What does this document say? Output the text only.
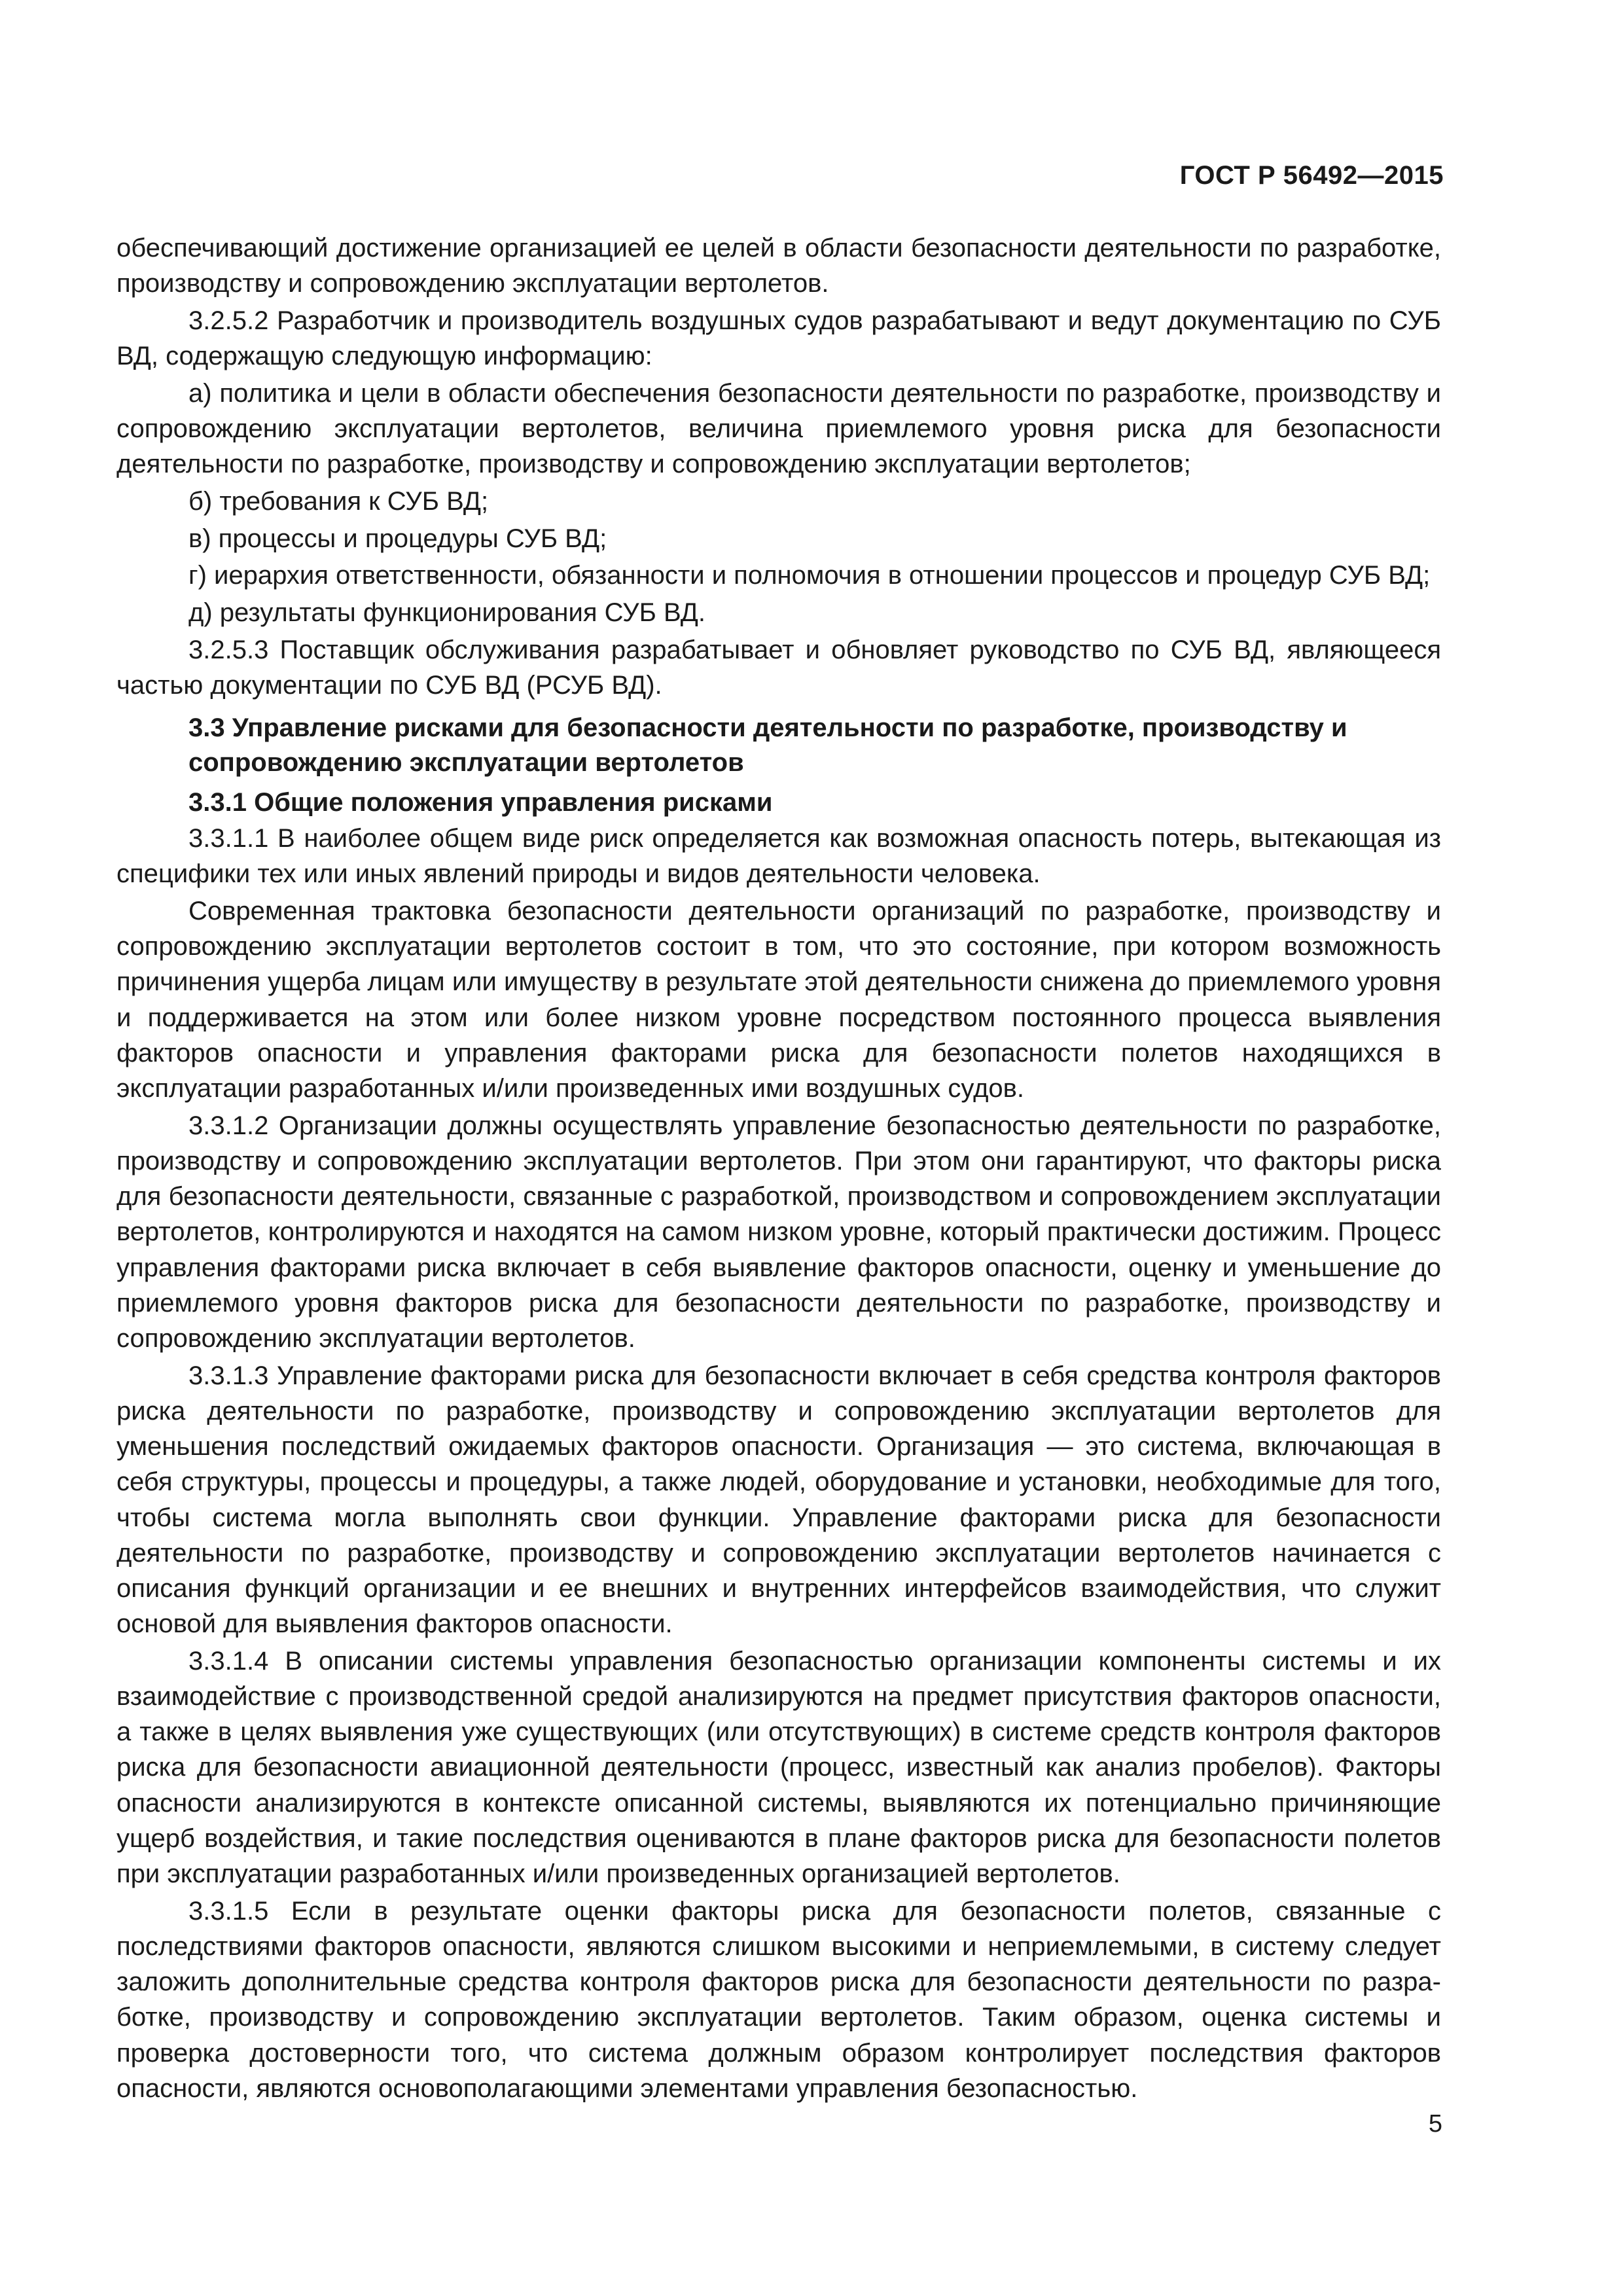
ГОСТ Р 56492—2015

обеспечивающий достижение организацией ее целей в области безопасности деятельности по разработке, производству и сопровождению эксплуатации вертолетов.

3.2.5.2 Разработчик и производитель воздушных судов разрабатывают и ведут документацию по СУБ ВД, содержащую следующую информацию:

а) политика и цели в области обеспечения безопасности деятельности по разработке, производству и сопровождению эксплуатации вертолетов, величина приемлемого уровня риска для безопасности деятельности по разработке, производству и сопровождению эксплуатации вертолетов;

б) требования к СУБ ВД;

в) процессы и процедуры СУБ ВД;

г) иерархия ответственности, обязанности и полномочия в отношении процессов и процедур СУБ ВД;

д) результаты функционирования СУБ ВД.

3.2.5.3 Поставщик обслуживания разрабатывает и обновляет руководство по СУБ ВД, являющееся частью документации по СУБ ВД (РСУБ ВД).

3.3 Управление рисками для безопасности деятельности по разработке, производству и сопровождению эксплуатации вертолетов
3.3.1 Общие положения управления рисками

3.3.1.1 В наиболее общем виде риск определяется как возможная опасность потерь, вытекающая из специфики тех или иных явлений природы и видов деятельности человека.

Современная трактовка безопасности деятельности организаций по разработке, производству и сопровождению эксплуатации вертолетов состоит в том, что это состояние, при котором возможность причинения ущерба лицам или имуществу в результате этой деятельности снижена до приемлемого уровня и поддерживается на этом или более низком уровне посредством постоянного процесса выявления факторов опасности и управления факторами риска для безопасности полетов находящихся в эксплуатации разработанных и/или произведенных ими воздушных судов.

3.3.1.2 Организации должны осуществлять управление безопасностью деятельности по разработке, производству и сопровождению эксплуатации вертолетов. При этом они гарантируют, что факторы риска для безопасности деятельности, связанные с разработкой, производством и сопровождением эксплуатации вертолетов, контролируются и находятся на самом низком уровне, который практически достижим. Процесс управления факторами риска включает в себя выявление факторов опасности, оценку и уменьшение до приемлемого уровня факторов риска для безопасности деятельности по разработке, производству и сопровождению эксплуатации вертолетов.

3.3.1.3 Управление факторами риска для безопасности включает в себя средства контроля факторов риска деятельности по разработке, производству и сопровождению эксплуатации вертолетов для уменьшения последствий ожидаемых факторов опасности. Организация — это система, включающая в себя структуры, процессы и процедуры, а также людей, оборудование и установки, необходимые для того, чтобы система могла выполнять свои функции. Управление факторами риска для безопасности деятельности по разработке, производству и сопровождению эксплуатации вертолетов начинается с описания функций организации и ее внешних и внутренних интерфейсов взаимодействия, что служит основой для выявления факторов опасности.

3.3.1.4 В описании системы управления безопасностью организации компоненты системы и их взаимодействие с производственной средой анализируются на предмет присутствия факторов опасности, а также в целях выявления уже существующих (или отсутствующих) в системе средств контроля факторов риска для безопасности авиационной деятельности (процесс, известный как анализ пробелов). Факторы опасности анализируются в контексте описанной системы, выявляются их потенциально причиняющие ущерб воздействия, и такие последствия оцениваются в плане факторов риска для безопасности полетов при эксплуатации разработанных и/или произведенных организацией вертолетов.

3.3.1.5 Если в результате оценки факторы риска для безопасности полетов, связанные с последствиями факторов опасности, являются слишком высокими и неприемлемыми, в систему следует заложить дополнительные средства контроля факторов риска для безопасности деятельности по разработке, производству и сопровождению эксплуатации вертолетов. Таким образом, оценка системы и проверка достоверности того, что система должным образом контролирует последствия факторов опасности, являются основополагающими элементами управления безопасностью.

5
